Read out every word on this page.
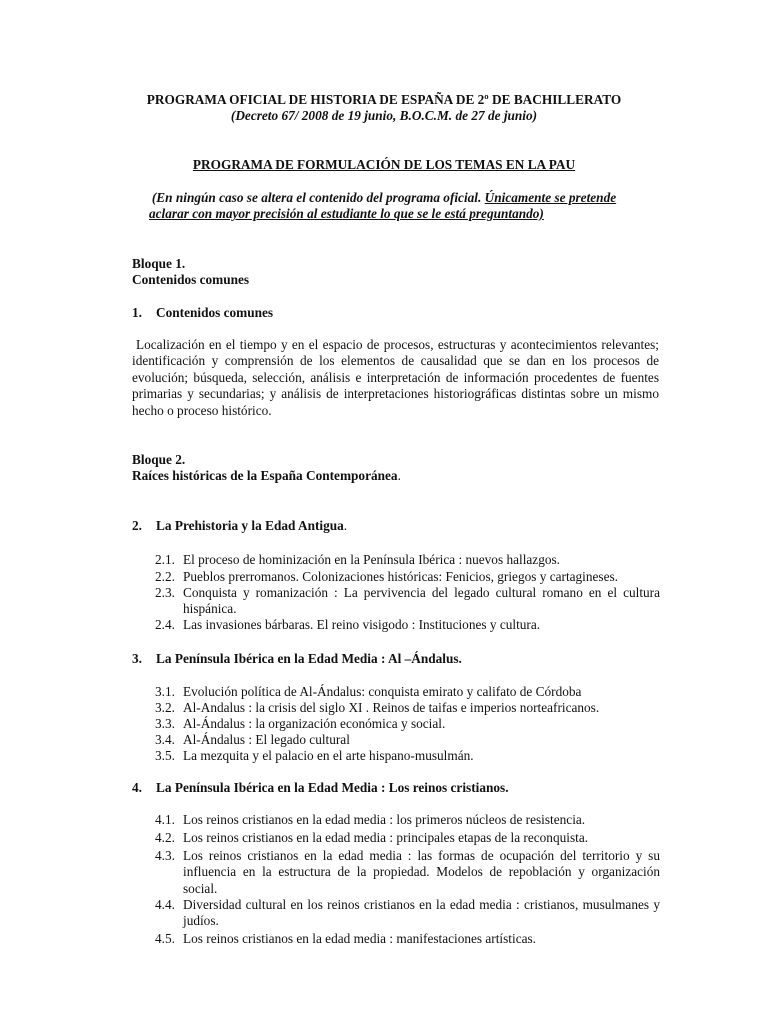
PROGRAMA OFICIAL DE HISTORIA DE ESPAÑA DE 2º DE BACHILLERATO
(Decreto 67/ 2008 de 19 junio, B.O.C.M. de 27 de junio)
PROGRAMA DE FORMULACIÓN DE LOS TEMAS EN LA PAU
(En ningún caso se altera el contenido del programa oficial. Únicamente se pretende
aclarar con mayor precisión al estudiante lo que se le está preguntando)
Bloque 1.
Contenidos comunes
1. Contenidos comunes
Localización en el tiempo y en el espacio de procesos, estructuras y acontecimientos relevantes; identificación y comprensión de los elementos de causalidad que se dan en los procesos de evolución; búsqueda, selección, análisis e interpretación de información procedentes de fuentes primarias y secundarias; y análisis de interpretaciones historiográficas distintas sobre un mismo hecho o proceso histórico.
Bloque 2.
Raíces históricas de la España Contemporánea.
2. La Prehistoria y la Edad Antigua.
2.1. El proceso de hominización en la Península Ibérica : nuevos hallazgos.
2.2. Pueblos prerromanos. Colonizaciones históricas: Fenicios, griegos y cartagineses.
2.3. Conquista y romanización : La pervivencia del legado cultural romano en el cultura hispánica.
2.4. Las invasiones bárbaras. El reino visigodo : Instituciones y cultura.
3. La Península Ibérica en la Edad Media : Al –Ándalus.
3.1. Evolución política de Al-Ándalus: conquista emirato y califato de Córdoba
3.2. Al-Andalus : la crisis del siglo XI . Reinos de taifas e imperios norteafricanos.
3.3. Al-Ándalus : la organización económica y social.
3.4. Al-Ándalus : El legado cultural
3.5. La mezquita y el palacio en el arte hispano-musulmán.
4. La Península Ibérica en la Edad Media : Los reinos cristianos.
4.1. Los reinos cristianos en la edad media : los primeros núcleos de resistencia.
4.2. Los reinos cristianos en la edad media : principales etapas de la reconquista.
4.3. Los reinos cristianos en la edad media : las formas de ocupación del territorio y su influencia en la estructura de la propiedad. Modelos de repoblación y organización social.
4.4. Diversidad cultural en los reinos cristianos en la edad media : cristianos, musulmanes y judíos.
4.5. Los reinos cristianos en la edad media : manifestaciones artísticas.
